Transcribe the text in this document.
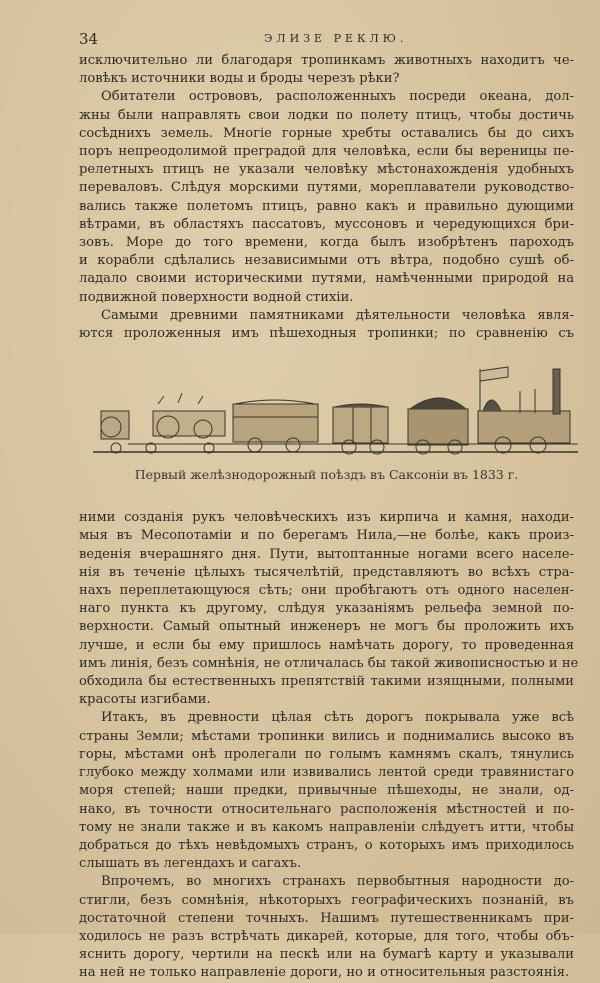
34	ЭЛИЗЕ РЕКЛЮ.
исключительно ли благодаря тропинкамъ животныхъ находитъ че-
ловѣкъ источники воды и броды черезъ рѣки?
Обитатели острововъ, расположенныхъ посреди океана, дол-
жны были направлять свои лодки по полету птицъ, чтобы достичь
сосѣднихъ земель. Многіе горные хребты оставались бы до сихъ
поръ непреодолимой преградой для человѣка, если бы вереницы пе-
релетныхъ птицъ не указали человѣку мѣстонахожденія удобныхъ
переваловъ. Слѣдуя морскими путями, мореплаватели руководство-
вались также полетомъ птицъ, равно какъ и правильно дующими
вѣтрами, въ областяхъ пассатовъ, муссоновъ и чередующихся бри-
зовъ. Море до того времени, когда былъ изобрѣтенъ пароходъ
и корабли сдѣлались независимыми отъ вѣтра, подобно сушѣ об-
ладало своими историческими путями, намѣченными природой на
подвижной поверхности водной стихіи.
Самыми древними памятниками дѣятельности человѣка явля-
ются проложенныя имъ пѣшеходныя тропинки; по сравненію съ
Первый желѣзнодорожный поѣздъ въ Саксоніи въ 1833 г.
ними созданія рукъ человѣческихъ изъ кирпича и камня, находи-
мыя въ Месопотаміи и по берегамъ Нила,—не болѣе, какъ произ-
веденія вчерашняго дня. Пути, вытоптанные ногами всего населе-
нія въ теченіе цѣлыхъ тысячелѣтій, представляютъ во всѣхъ стра-
нахъ переплетающуюся сѣть; они пробѣгаютъ отъ одного населен-
наго пункта къ другому, слѣдуя указаніямъ рельефа земной по-
верхности. Самый опытный инженеръ не могъ бы проложить ихъ
лучше, и если бы ему пришлось намѣчать дорогу, то проведенная
имъ линія, безъ сомнѣнія, не отличалась бы такой живописностью и не
обходила бы естественныхъ препятствій такими изящными, полными
красоты изгибами.
Итакъ, въ древности цѣлая сѣть дорогъ покрывала уже всѣ
страны Земли; мѣстами тропинки вились и поднимались высоко въ
горы, мѣстами онѣ пролегали по голымъ камнямъ скалъ, тянулись
глубоко между холмами или извивались лентой среди травянистаго
моря степей; наши предки, привычные пѣшеходы, не знали, од-
нако, въ точности относительнаго расположенія мѣстностей и по-
тому не знали также и въ какомъ направленіи слѣдуетъ итти, чтобы
добраться до тѣхъ невѣдомыхъ странъ, о которыхъ имъ приходилось
слышать въ легендахъ и сагахъ.
Впрочемъ, во многихъ странахъ первобытныя народности до-
стигли, безъ сомнѣнія, нѣкоторыхъ географическихъ познаній, въ
достаточной степени точныхъ. Нашимъ путешественникамъ при-
ходилось не разъ встрѣчать дикарей, которые, для того, чтобы объ-
яснить дорогу, чертили на пескѣ или на бумагѣ карту и указывали
на ней не только направленіе дороги, но и относительныя разстоянія.
